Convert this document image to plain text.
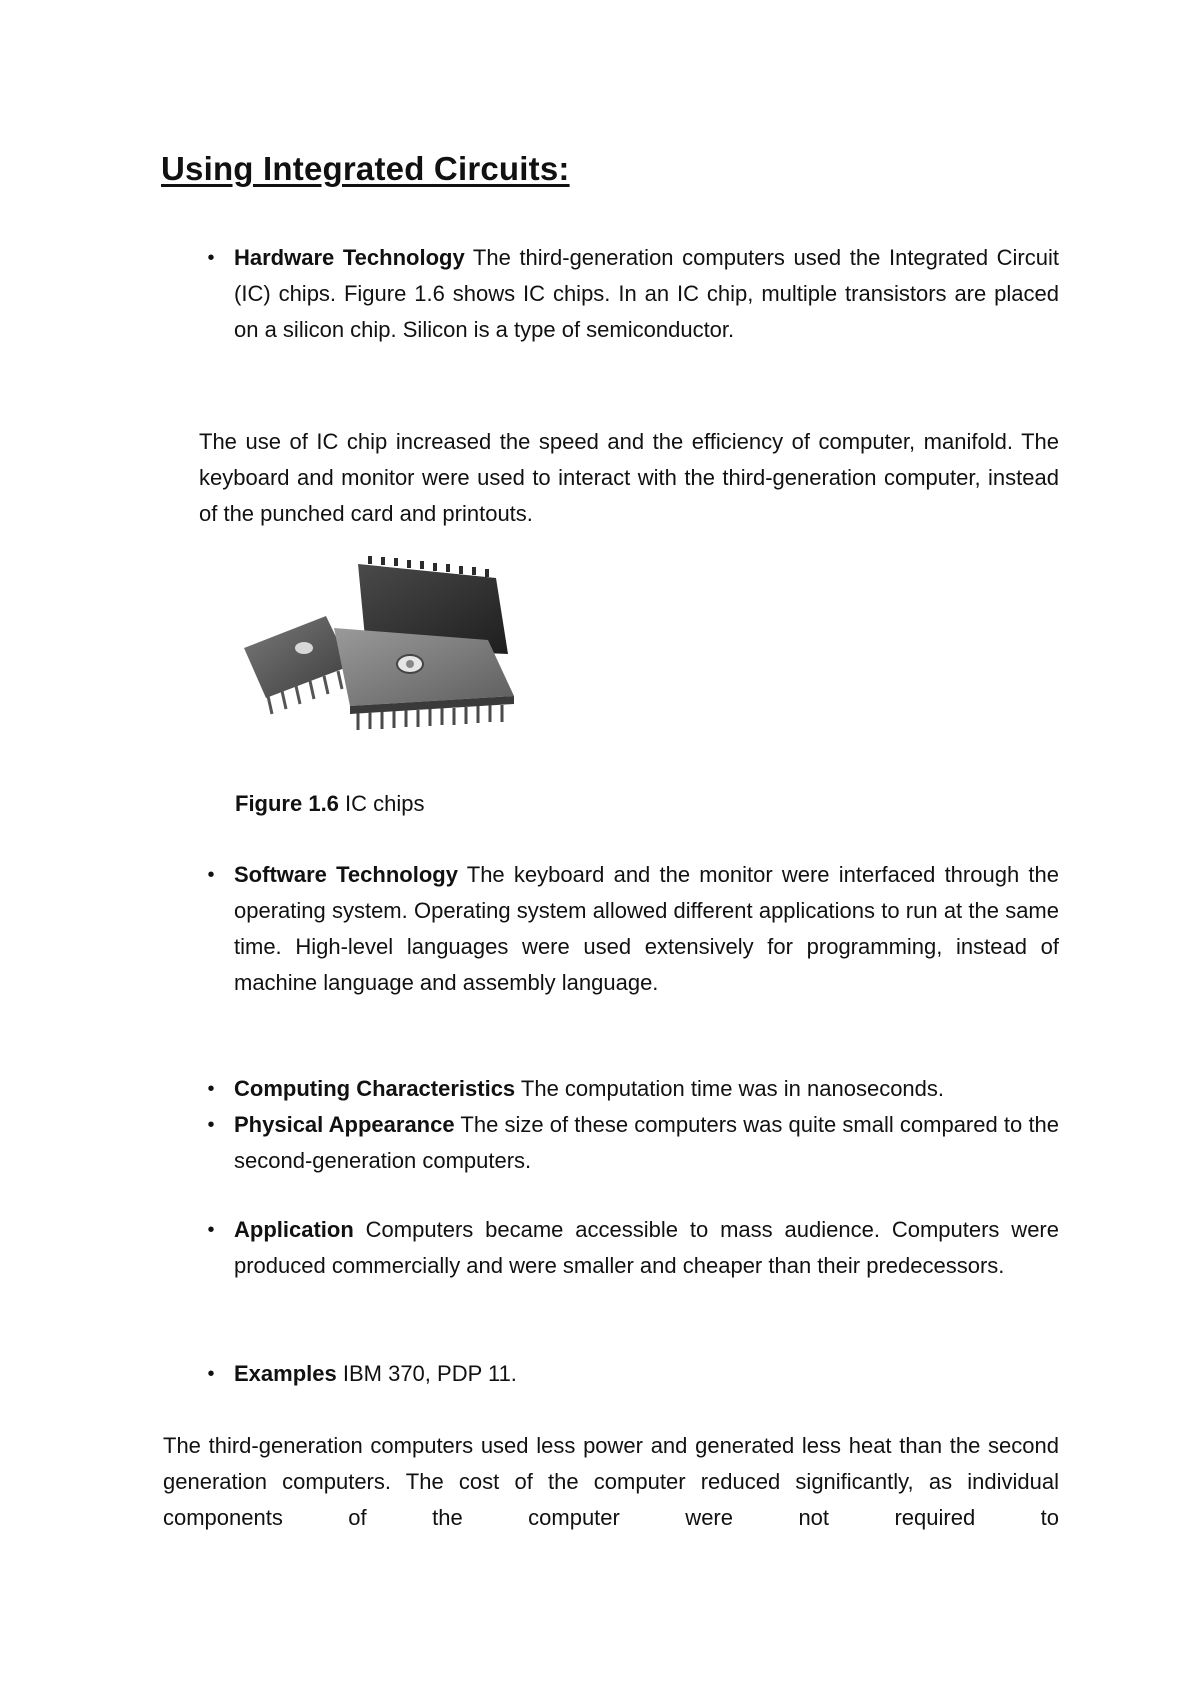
Using Integrated Circuits:
• Hardware Technology The third-generation computers used the Integrated Circuit (IC) chips. Figure 1.6 shows IC chips. In an IC chip, multiple transistors are placed on a silicon chip. Silicon is a type of semiconductor.

The use of IC chip increased the speed and the efficiency of computer, manifold. The keyboard and monitor were used to interact with the third-generation computer, instead of the punched card and printouts.

Figure 1.6 IC chips
• Software Technology The keyboard and the monitor were interfaced through the operating system. Operating system allowed different applications to run at the same time. High-level languages were used extensively for programming, instead of machine language and assembly language.
• Computing Characteristics The computation time was in nanoseconds.
• Physical Appearance The size of these computers was quite small compared to the second-generation computers.
• Application Computers became accessible to mass audience. Computers were produced commercially and were smaller and cheaper than their predecessors.
• Examples IBM 370, PDP 11.

The third-generation computers used less power and generated less heat than the second generation computers. The cost of the computer reduced significantly, as individual components of the computer were not required to
